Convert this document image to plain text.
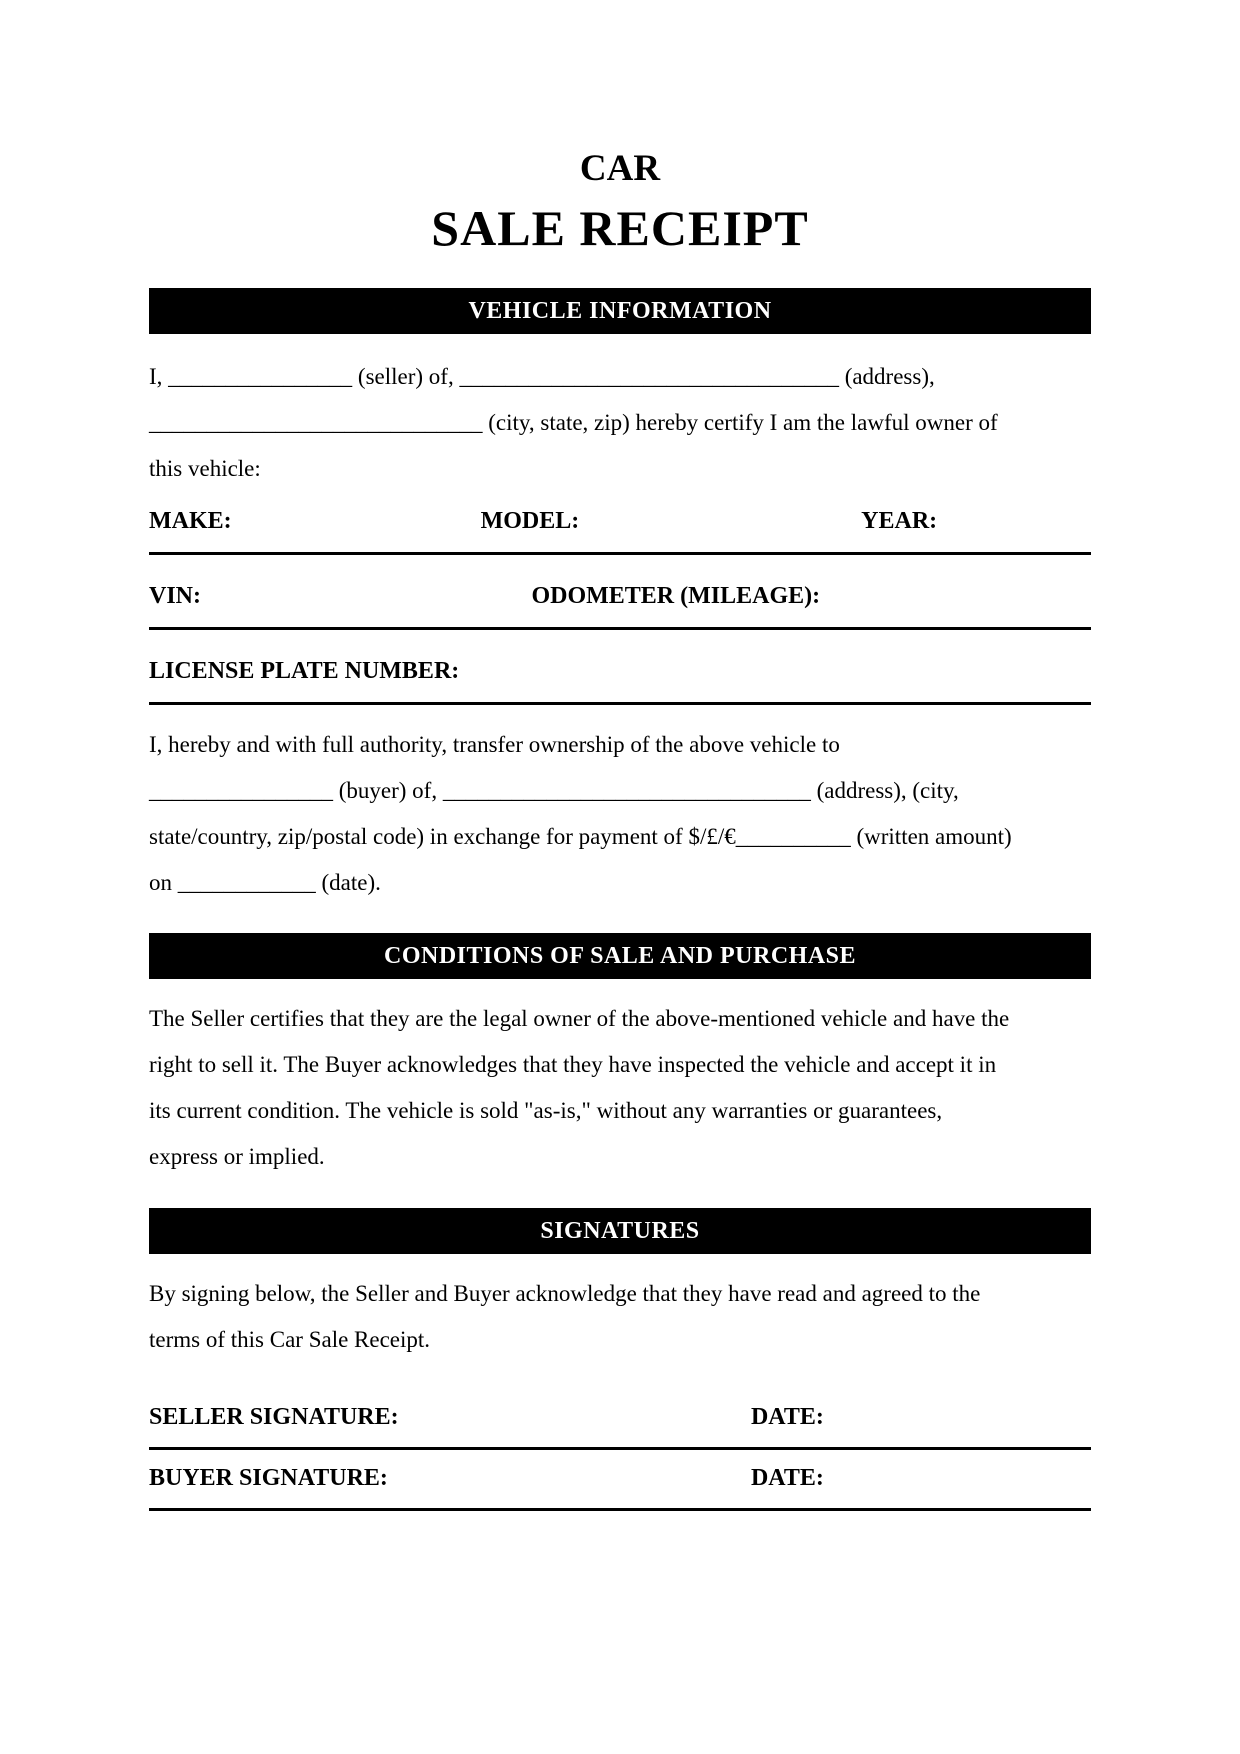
CAR
SALE RECEIPT
VEHICLE INFORMATION
I, ________________ (seller) of, _________________________________ (address),
_____________________________ (city, state, zip) hereby certify I am the lawful owner of
this vehicle:
MAKE:	MODEL:	YEAR:
VIN:	ODOMETER (MILEAGE):
LICENSE PLATE NUMBER:
I, hereby and with full authority, transfer ownership of the above vehicle to
________________ (buyer) of, ________________________________ (address), (city,
state/country, zip/postal code) in exchange for payment of $/£/€__________ (written amount)
on ____________ (date).
CONDITIONS OF SALE AND PURCHASE
The Seller certifies that they are the legal owner of the above-mentioned vehicle and have the
right to sell it. The Buyer acknowledges that they have inspected the vehicle and accept it in
its current condition. The vehicle is sold "as-is," without any warranties or guarantees,
express or implied.
SIGNATURES
By signing below, the Seller and Buyer acknowledge that they have read and agreed to the
terms of this Car Sale Receipt.
SELLER SIGNATURE:	DATE:
BUYER SIGNATURE:	DATE:
